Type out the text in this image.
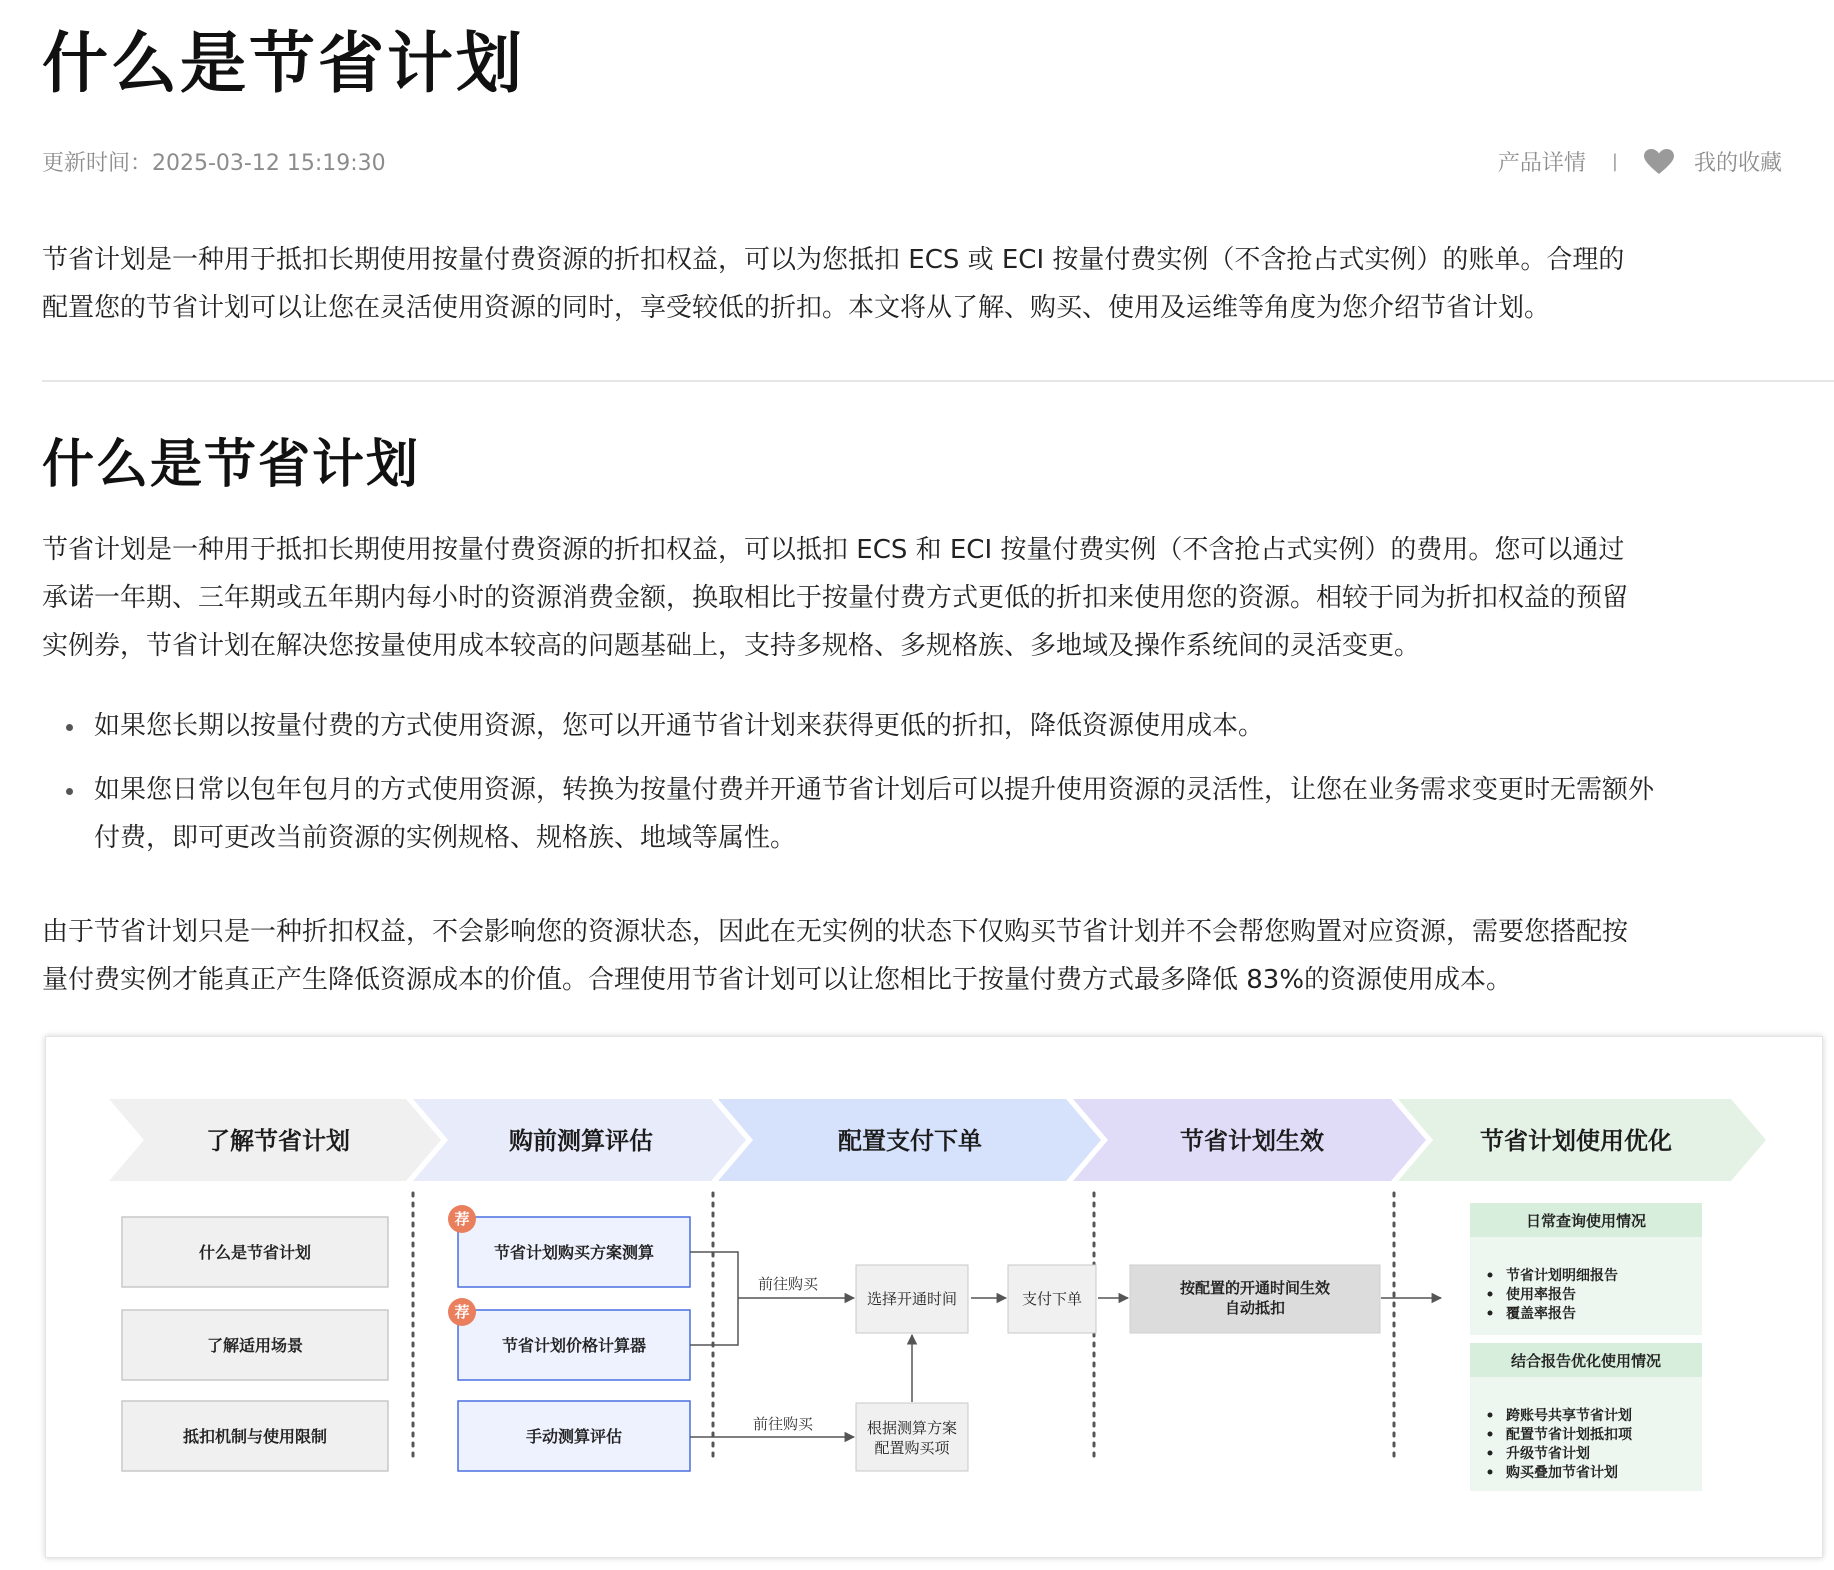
什么是节省计划
更新时间：2025-03-12 15:19:30	产品详情 |	我的收藏

节省计划是一种用于抵扣长期使用按量付费资源的折扣权益，可以为您抵扣 ECS 或 ECI 按量付费实例（不含抢占式实例）的账单。合理的
配置您的节省计划可以让您在灵活使用资源的同时，享受较低的折扣。本文将从了解、购买、使用及运维等角度为您介绍节省计划。

什么是节省计划

节省计划是一种用于抵扣长期使用按量付费资源的折扣权益，可以抵扣 ECS 和 ECI 按量付费实例（不含抢占式实例）的费用。您可以通过
承诺一年期、三年期或五年期内每小时的资源消费金额，换取相比于按量付费方式更低的折扣来使用您的资源。相较于同为折扣权益的预留
实例券，节省计划在解决您按量使用成本较高的问题基础上，支持多规格、多规格族、多地域及操作系统间的灵活变更。

如果您长期以按量付费的方式使用资源，您可以开通节省计划来获得更低的折扣，降低资源使用成本。
如果您日常以包年包月的方式使用资源，转换为按量付费并开通节省计划后可以提升使用资源的灵活性，让您在业务需求变更时无需额外
付费，即可更改当前资源的实例规格、规格族、地域等属性。

由于节省计划只是一种折扣权益，不会影响您的资源状态，因此在无实例的状态下仅购买节省计划并不会帮您购置对应资源，需要您搭配按
量付费实例才能真正产生降低资源成本的价值。合理使用节省计划可以让您相比于按量付费方式最多降低 83%的资源使用成本。

了解节省计划	购前测算评估	配置支付下单	节省计划生效	节省计划使用优化
什么是节省计划
了解适用场景
抵扣机制与使用限制
节省计划购买方案测算
节省计划价格计算器
手动测算评估
荐
荐
前往购买
前往购买
选择开通时间	支付下单
根据测算方案
配置购买项
按配置的开通时间生效
自动抵扣
日常查询使用情况
节省计划明细报告
使用率报告
覆盖率报告
结合报告优化使用情况
跨账号共享节省计划
配置节省计划抵扣项
升级节省计划
购买叠加节省计划
